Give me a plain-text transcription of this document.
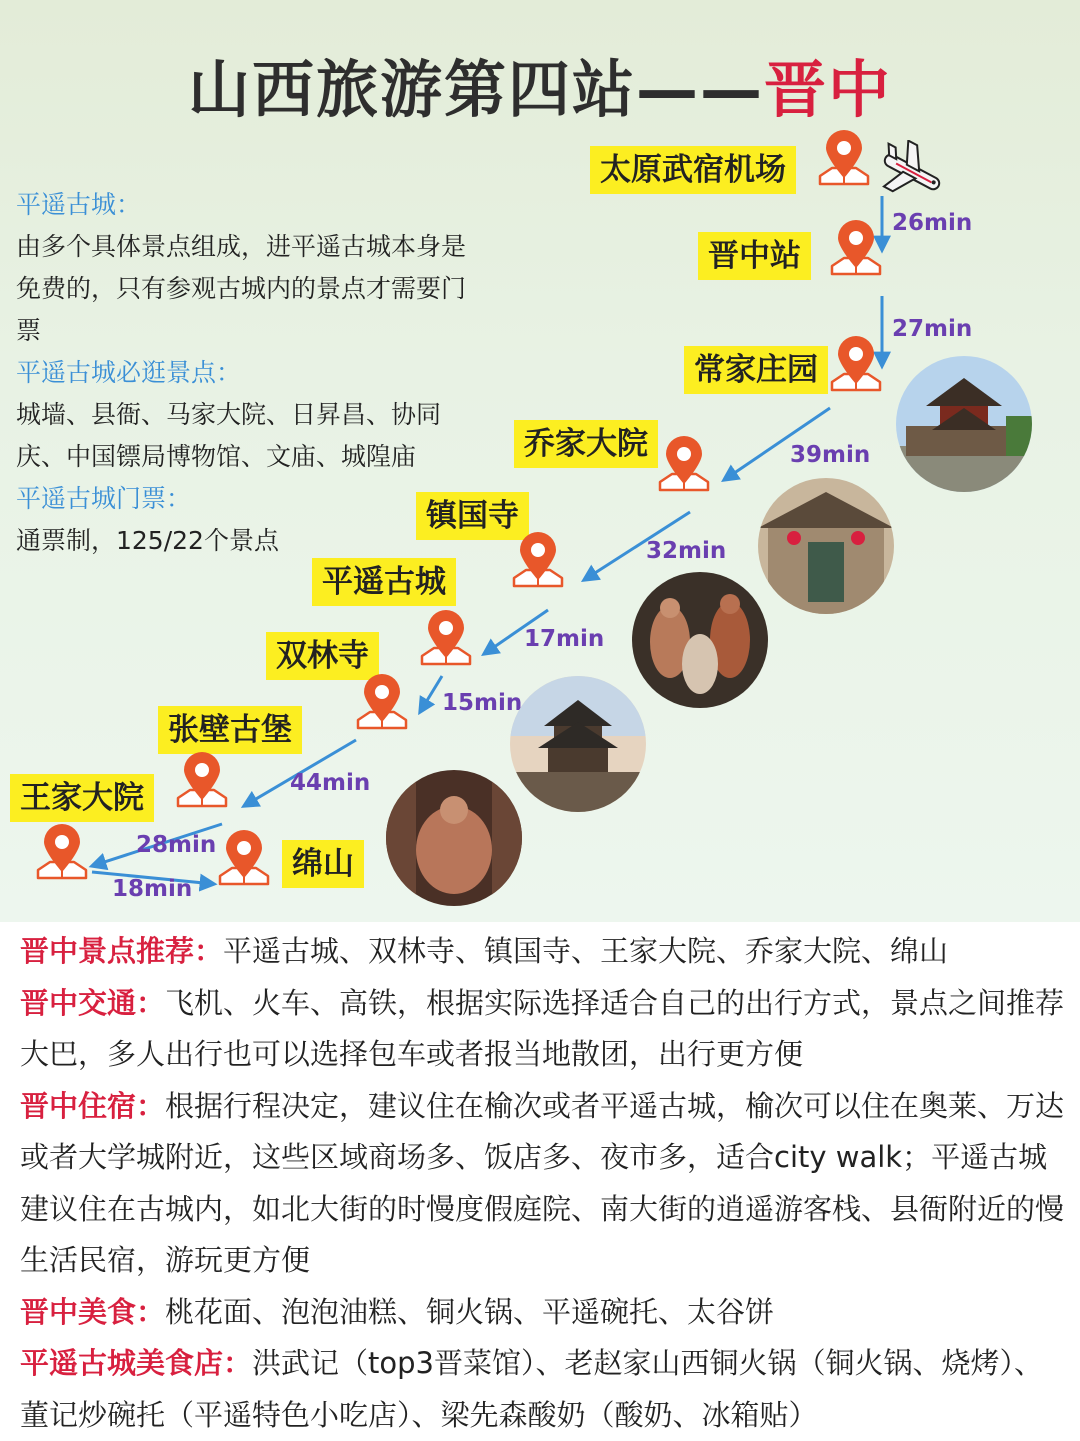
山西旅游第四站——晋中
平遥古城：
由多个具体景点组成，进平遥古城本身是免费的，只有参观古城内的景点才需要门票
平遥古城必逛景点：
城墙、县衙、马家大院、日昇昌、协同庆、中国镖局博物馆、文庙、城隍庙
平遥古城门票：
通票制，125/22个景点
太原武宿机场
晋中站
常家庄园
乔家大院
镇国寺
平遥古城
双林寺
张壁古堡
王家大院
绵山
26min
27min
39min
32min
17min
15min
44min
28min
18min

晋中景点推荐：平遥古城、双林寺、镇国寺、王家大院、乔家大院、绵山

晋中交通：飞机、火车、高铁，根据实际选择适合自己的出行方式，景点之间推荐大巴，多人出行也可以选择包车或者报当地散团，出行更方便

晋中住宿：根据行程决定，建议住在榆次或者平遥古城，榆次可以住在奥莱、万达或者大学城附近，这些区域商场多、饭店多、夜市多，适合city walk；平遥古城建议住在古城内，如北大街的时慢度假庭院、南大街的逍遥游客栈、县衙附近的慢生活民宿，游玩更方便

晋中美食：桃花面、泡泡油糕、铜火锅、平遥碗托、太谷饼

平遥古城美食店：洪武记（top3晋菜馆）、老赵家山西铜火锅（铜火锅、烧烤）、董记炒碗托（平遥特色小吃店）、梁先森酸奶（酸奶、冰箱贴）
